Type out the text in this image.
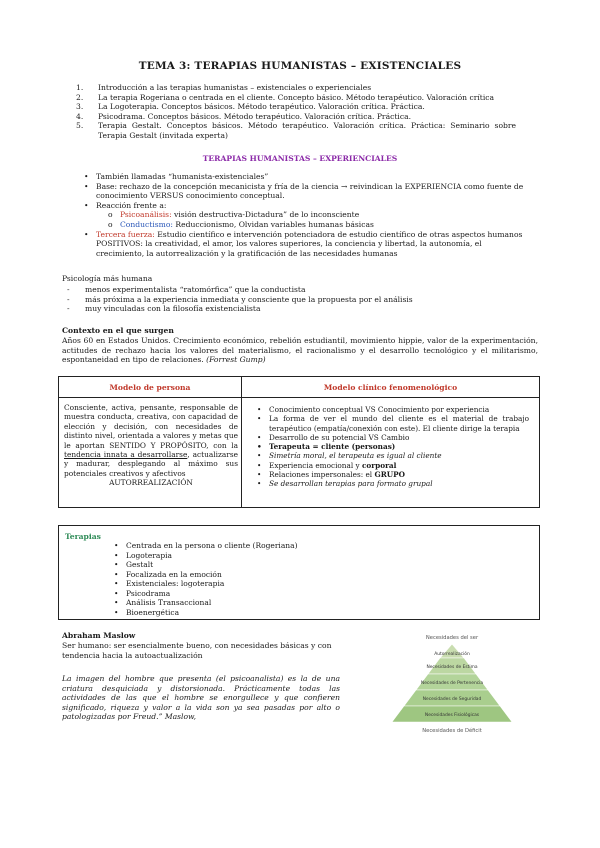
TEMA 3: TERAPIAS HUMANISTAS – EXISTENCIALES
1. Introducción a las terapias humanistas – existenciales o experienciales
2. La terapia Rogeriana o centrada en el cliente. Concepto básico. Método terapéutico. Valoración crítica
3. La Logoterapia. Conceptos básicos. Método terapéutico. Valoración crítica. Práctica.
4. Psicodrama. Conceptos básicos. Método terapéutico. Valoración crítica. Práctica.
5. Terapia Gestalt. Conceptos básicos. Método terapéutico. Valoración crítica. Práctica: Seminario sobre Terapia Gestalt (invitada experta)
TERAPIAS HUMANISTAS – EXPERIENCIALES
• También llamadas “humanista-existenciales”
• Base: rechazo de la concepción mecanicista y fría de la ciencia → reivindican la EXPERIENCIA como fuente de conocimiento VERSUS conocimiento conceptual.
• Reacción frente a:
o Psicoanálisis: visión destructiva-Dictadura” de lo inconsciente
o Conductismo: Reduccionismo, Olvidan variables humanas básicas
• Tercera fuerza: Estudio científico e intervención potenciadora de estudio científico de otras aspectos humanos POSITIVOS: la creatividad, el amor, los valores superiores, la conciencia y libertad, la autonomía, el crecimiento, la autorrealización y la gratificación de las necesidades humanas
Psicología más humana
- menos experimentalista “ratomórfica” que la conductista
- más próxima a la experiencia inmediata y consciente que la propuesta por el análisis
- muy vinculadas con la filosofía existencialista
Contexto en el que surgen
Años 60 en Estados Unidos. Crecimiento económico, rebelión estudiantil, movimiento hippie, valor de la experimentación, actitudes de rechazo hacia los valores del materialismo, el racionalismo y el desarrollo tecnológico y el militarismo, espontaneidad en tipo de relaciones. (Forrest Gump)
Modelo de persona	Modelo clínico fenomenológico
Consciente, activa, pensante, responsable de muestra conducta, creativa, con capacidad de elección y decisión, con necesidades de distinto nivel, orientada a valores y metas que le aportan SENTIDO Y PROPÓSITO, con la tendencia innata a desarrollarse, actualizarse y madurar, desplegando al máximo sus potenciales creativos y afectivos
AUTORREALIZACIÓN
• Conocimiento conceptual VS Conocimiento por experiencia
• La forma de ver el mundo del cliente es el material de trabajo terapéutico (empatía/conexión con este). El cliente dirige la terapia
• Desarrollo de su potencial VS Cambio
• Terapeuta = cliente (personas)
• Simetría moral, el terapeuta es igual al cliente
• Experiencia emocional y corporal
• Relaciones impersonales: el GRUPO
• Se desarrollan terapias para formato grupal
Terapias
• Centrada en la persona o cliente (Rogeriana)
• Logoterapia
• Gestalt
• Focalizada en la emoción
• Existenciales: logoterapia
• Psicodrama
• Análisis Transaccional
• Bioenergética
Abraham Maslow
Ser humano: ser esencialmente bueno, con necesidades básicas y con tendencia hacia la autoactualización
La imagen del hombre que presenta (el psicoanalista) es la de una criatura desquiciada y distorsionada. Prácticamente todas las actividades de las que el hombre se enorgullece y que confieren significado, riqueza y valor a la vida son ya sea pasadas por alto o patologizadas por Freud.” Maslow,
Necesidades del ser
Autorrealización
Necesidades de Estima
Necesidades de Pertenencia
Necesidades de Seguridad
Necesidades Fisiológicas
Necesidades de Déficit
